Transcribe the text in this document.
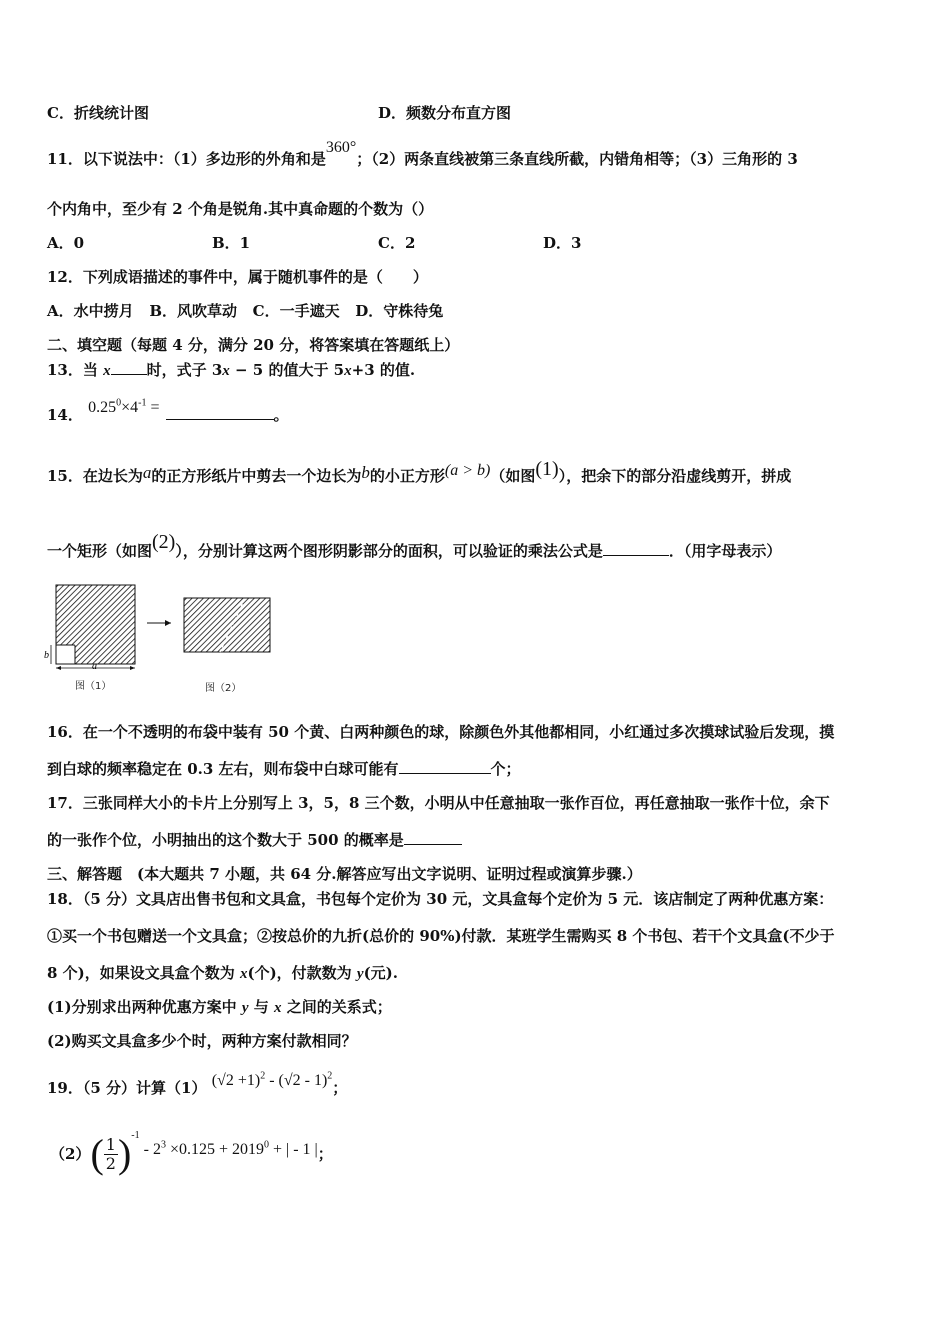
C．折线统计图	D．频数分布直方图
11．以下说法中：（1）多边形的外角和是360°；（2）两条直线被第三条直线所截，内错角相等；（3）三角形的 3
个内角中，至少有 2 个角是锐角.其中真命题的个数为（）
A．0	B．1	C．2	D．3
12．下列成语描述的事件中，属于随机事件的是（　　）
A．水中捞月 B．风吹草动 C．一手遮天 D．守株待兔
二、填空题（每题 4 分，满分 20 分，将答案填在答题纸上）
13．当 x 时，式子 3x − 5 的值大于 5x+3 的值.
14． $0.25^0\times 4^{-1}$ =	。
15．在边长为a的正方形纸片中剪去一个边长为b的小正方形(a > b)（如图(1)），把余下的部分沿虚线剪开，拼成
一个矩形（如图(2)），分别计算这两个图形阴影部分的面积，可以验证的乘法公式是	．（用字母表示）
a
b
图（1）	图（2）
16．在一个不透明的布袋中装有 50 个黄、白两种颜色的球，除颜色外其他都相同，小红通过多次摸球试验后发现，摸
到白球的频率稳定在 0.3 左右，则布袋中白球可能有	个；
17．三张同样大小的卡片上分别写上 3，5，8 三个数，小明从中任意抽取一张作百位，再任意抽取一张作十位，余下
的一张作个位，小明抽出的这个数大于 500 的概率是
三、解答题　(本大题共 7 小题，共 64 分.解答应写出文字说明、证明过程或演算步骤.）
18．（5 分）文具店出售书包和文具盒，书包每个定价为 30 元，文具盒每个定价为 5 元．该店制定了两种优惠方案：
①买一个书包赠送一个文具盒；②按总价的九折(总价的 90%)付款．某班学生需购买 8 个书包、若干个文具盒(不少于
8 个)，如果设文具盒个数为 x(个)，付款数为 y(元).
(1)分别求出两种优惠方案中 y 与 x 之间的关系式；
(2)购买文具盒多少个时，两种方案付款相同？
19．（5 分）计算（1） $(√2 +1)^2 - (√2 - 1)^2$；
（2） ( $\frac{1}{2}$ ) $^{-1} - 2^3 \times 0.125 + 2019^0$ + | - 1 | ；
